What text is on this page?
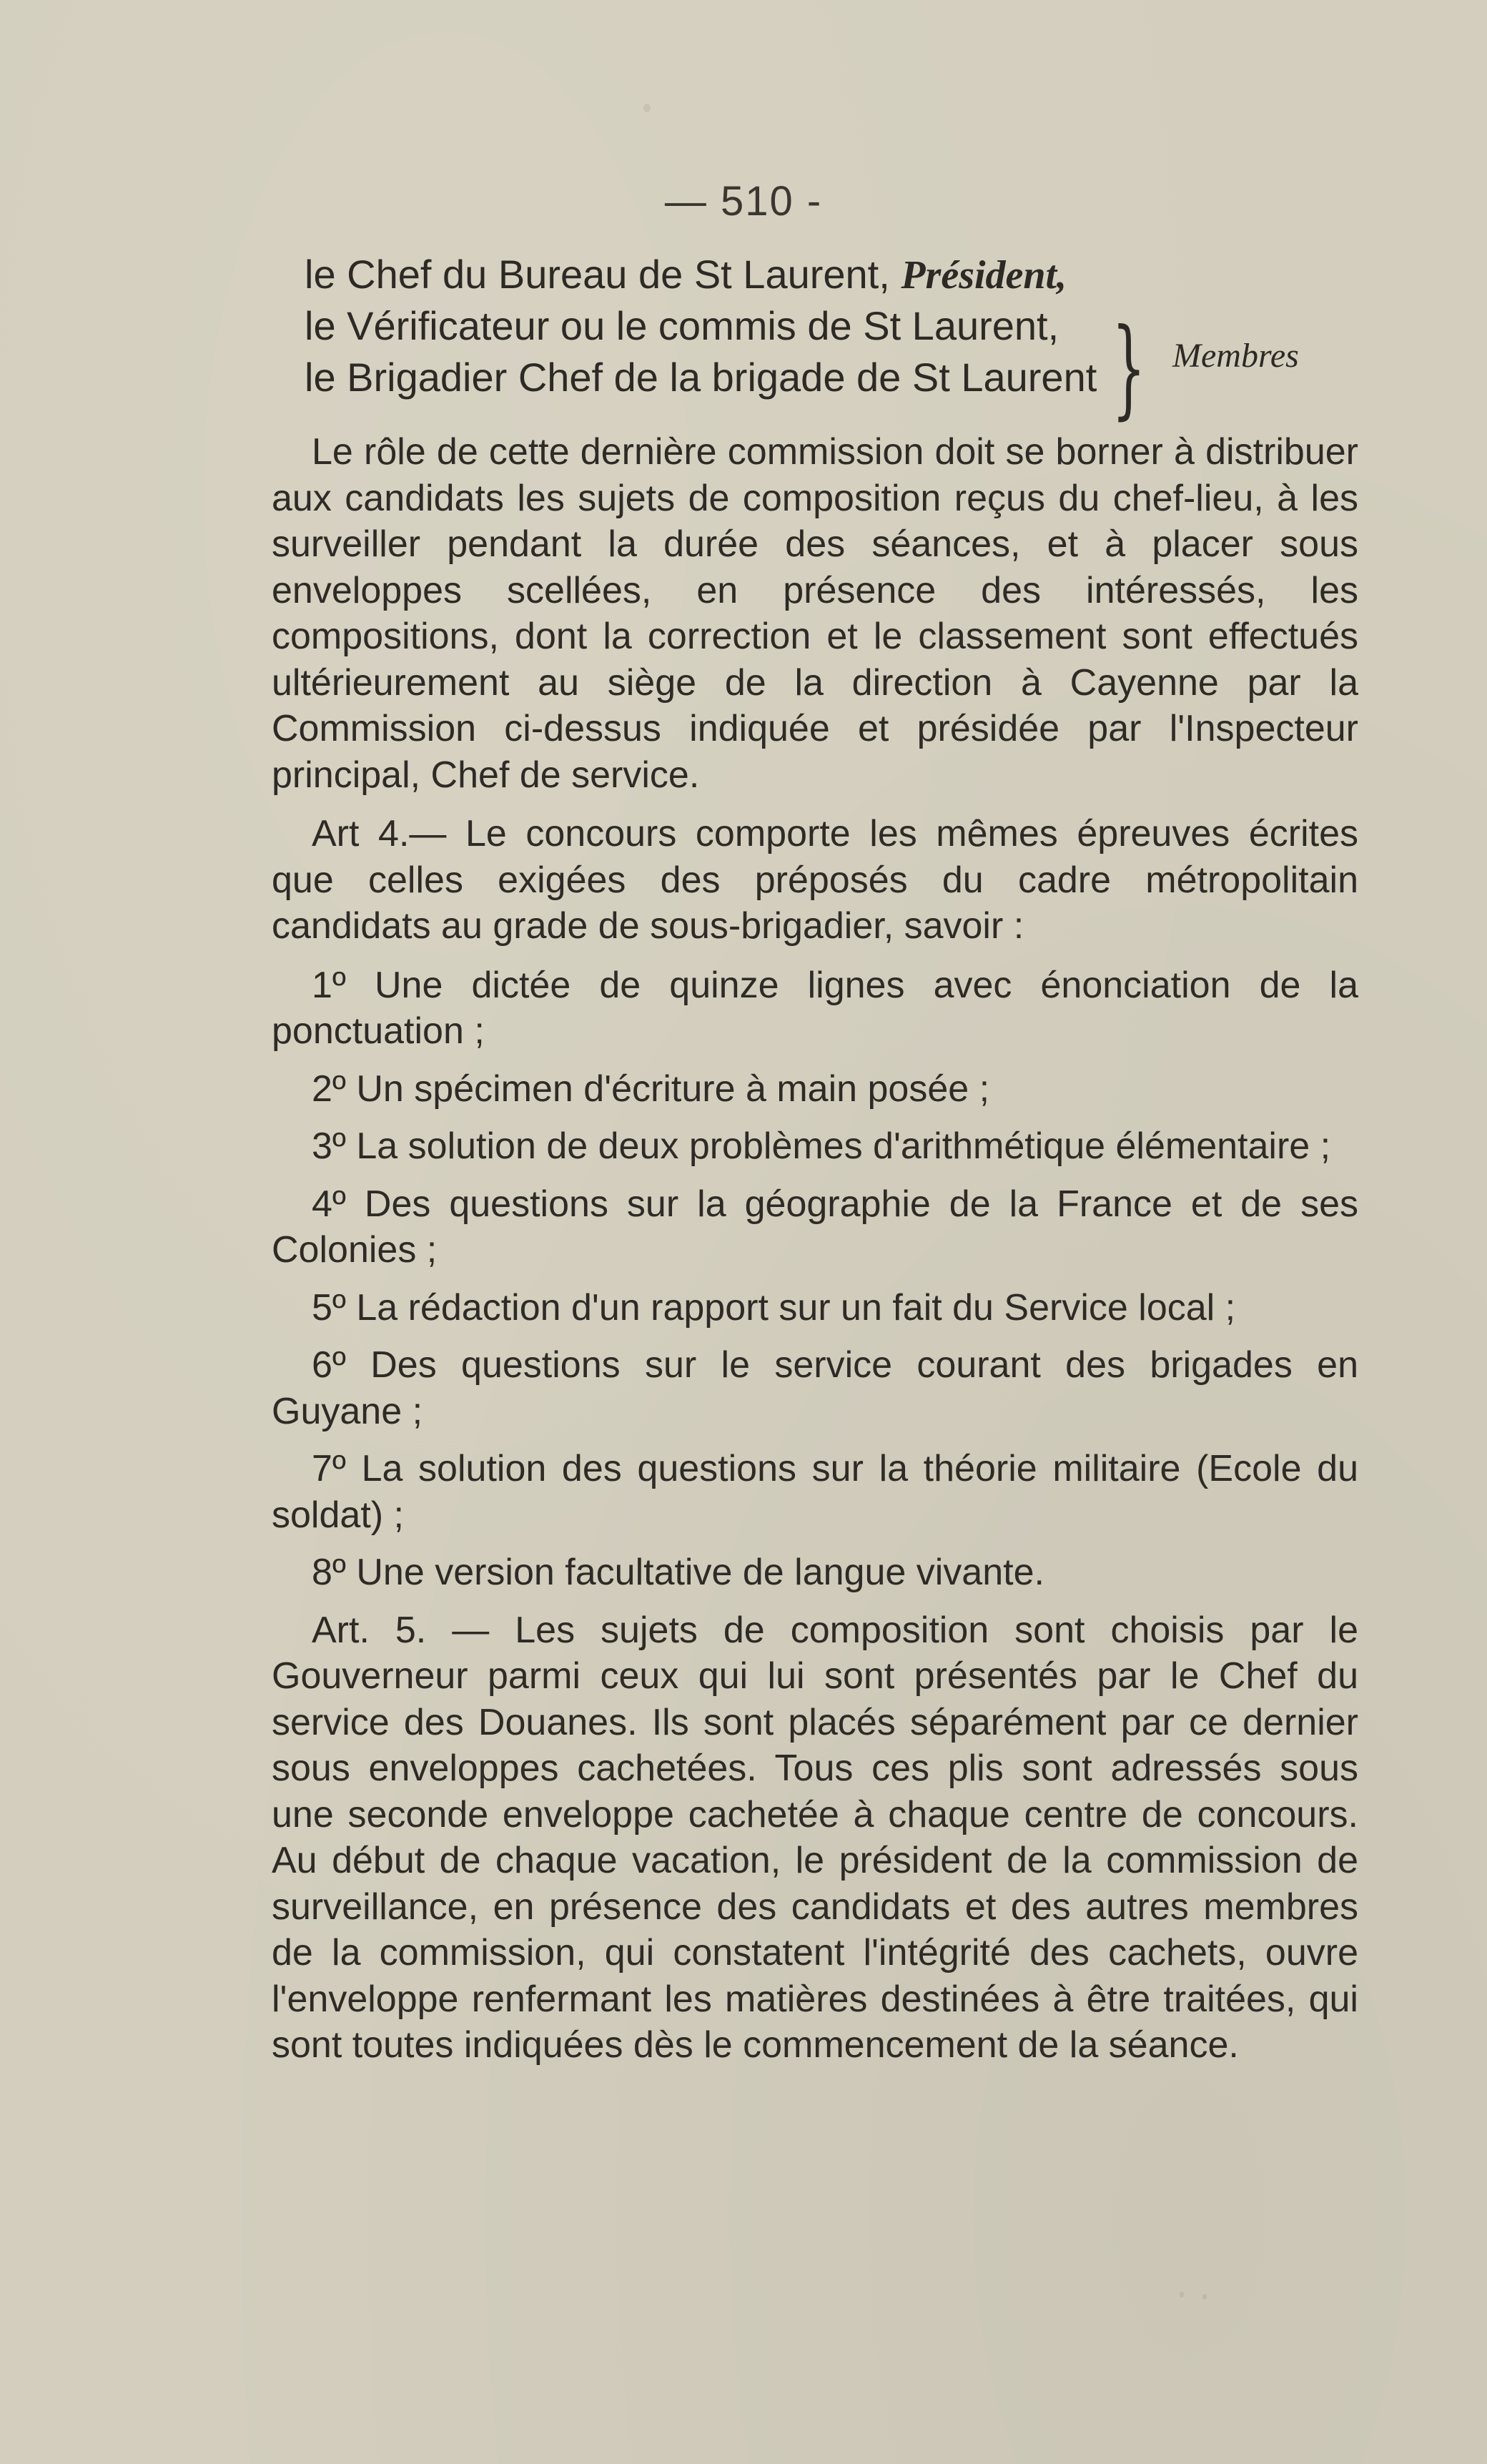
— 510 -
le Chef du Bureau de St Laurent, Président,
le Vérificateur ou le commis de St Laurent,
le Brigadier Chef de la brigade de St Laurent } Membres

Le rôle de cette dernière commission doit se borner à distribuer aux candidats les sujets de composition reçus du chef-lieu, à les surveiller pendant la durée des séances, et à placer sous enveloppes scellées, en présence des intéressés, les compositions, dont la correction et le classement sont effectués ultérieurement au siège de la direction à Cayenne par la Commission ci-dessus indiquée et présidée par l'Inspecteur principal, Chef de service.

Art 4.— Le concours comporte les mêmes épreuves écrites que celles exigées des préposés du cadre métropolitain candidats au grade de sous-brigadier, savoir :

1º Une dictée de quinze lignes avec énonciation de la ponctuation ;

2º Un spécimen d'écriture à main posée ;

3º La solution de deux problèmes d'arithmétique élémentaire ;

4º Des questions sur la géographie de la France et de ses Colonies ;

5º La rédaction d'un rapport sur un fait du Service local ;

6º Des questions sur le service courant des brigades en Guyane ;

7º La solution des questions sur la théorie militaire (Ecole du soldat) ;

8º Une version facultative de langue vivante.

Art. 5. — Les sujets de composition sont choisis par le Gouverneur parmi ceux qui lui sont présentés par le Chef du service des Douanes. Ils sont placés séparément par ce dernier sous enveloppes cachetées. Tous ces plis sont adressés sous une seconde enveloppe cachetée à chaque centre de concours. Au début de chaque vacation, le président de la commission de surveillance, en présence des candidats et des autres membres de la commission, qui constatent l'intégrité des cachets, ouvre l'enveloppe renfermant les matières destinées à être traitées, qui sont toutes indiquées dès le commencement de la séance.
